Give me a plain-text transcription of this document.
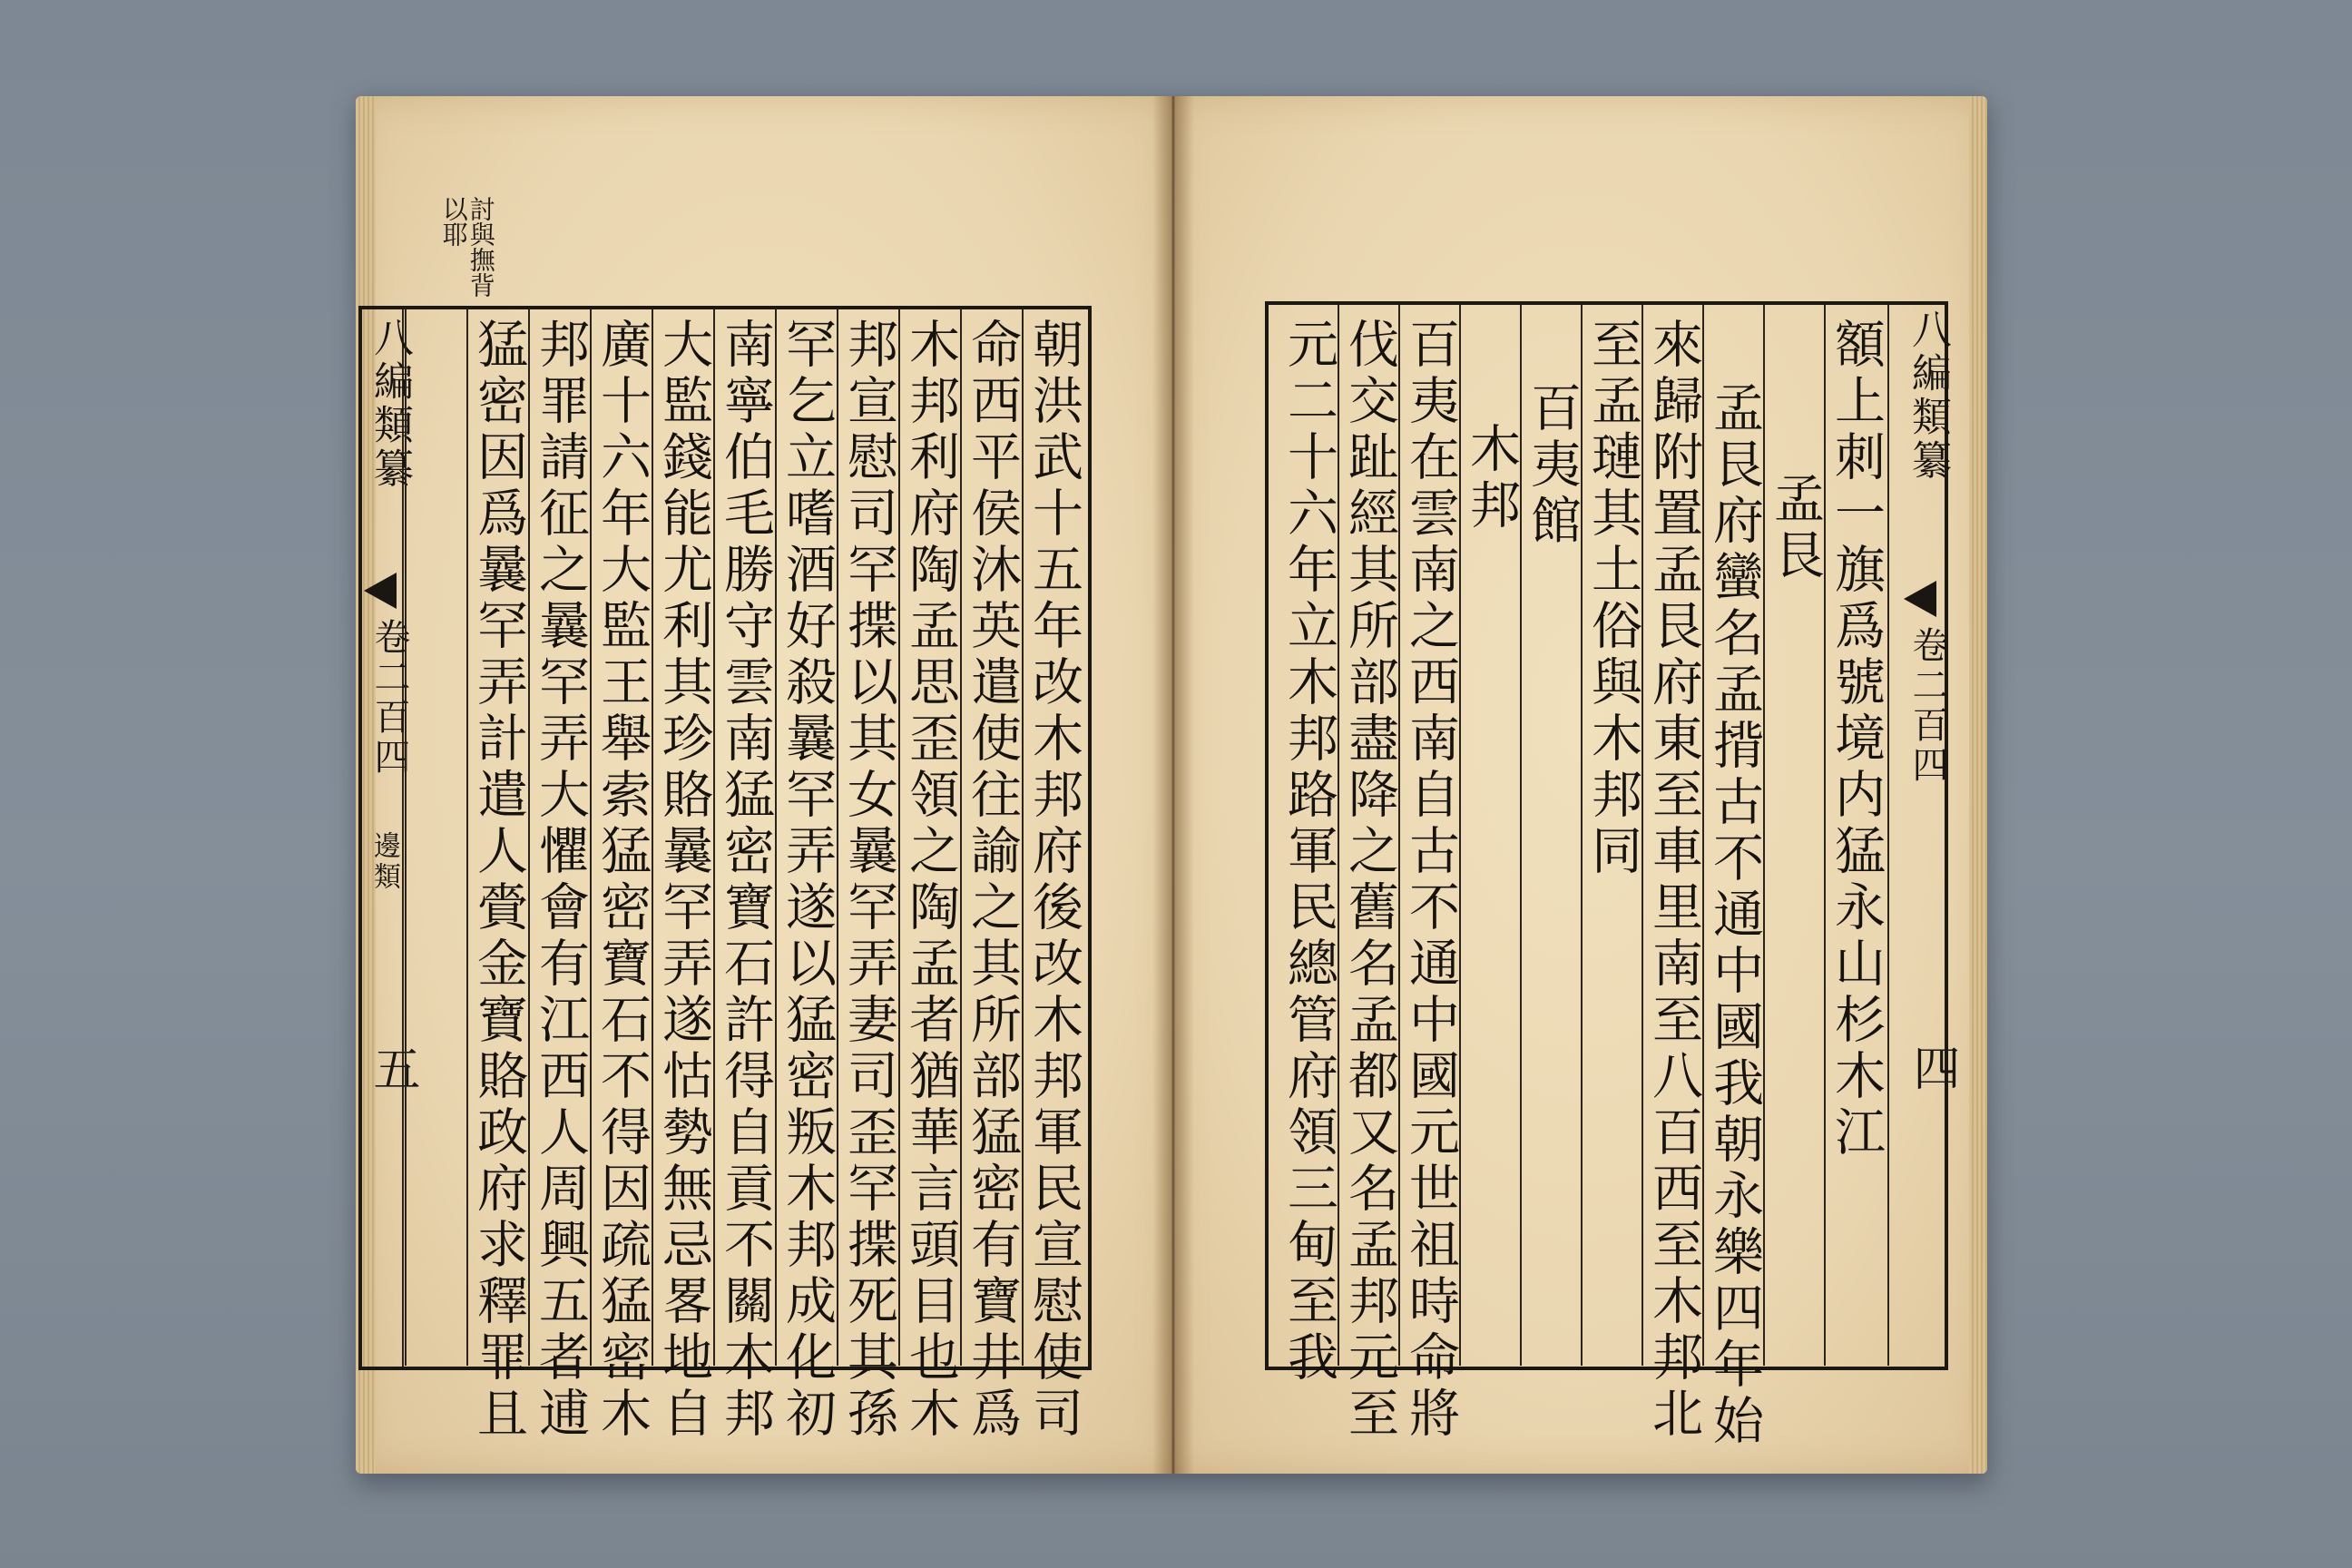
討與撫背
以耶
八編類纂
卷二百四
邊類
五	朝洪武十五年改木邦府後改木邦軍民宣慰使司
命西平侯沐英遣使往諭之其所部猛密有寶井爲
木邦利府陶孟思歪領之陶孟者猶華言頭目也木
邦宣慰司罕揲以其女曩罕弄妻司歪罕揲死其孫
罕乞立嗜酒好殺曩罕弄遂以猛密叛木邦成化初
南寧伯毛勝守雲南猛密寶石許得自貢不關木邦
大監錢能尤利其珍賂曩罕弄遂怙勢無忌畧地自
廣十六年大監王舉索猛密寶石不得因疏猛密木
邦罪請征之曩罕弄大懼會有江西人周興五者逋
猛密因爲曩罕弄計遣人賫金寶賂政府求釋罪且	八編類纂
卷二百四
四
額上刺一旗爲號境内猛永山杉木江
孟艮
孟艮府蠻名孟揹古不通中國我朝永樂四年始
來歸附置孟艮府東至車里南至八百西至木邦北
至孟璉其土俗與木邦同
百夷館
木邦
百夷在雲南之西南自古不通中國元世祖時命將
伐交趾經其所部盡降之舊名孟都又名孟邦元至
元二十六年立木邦路軍民總管府領三甸至我
